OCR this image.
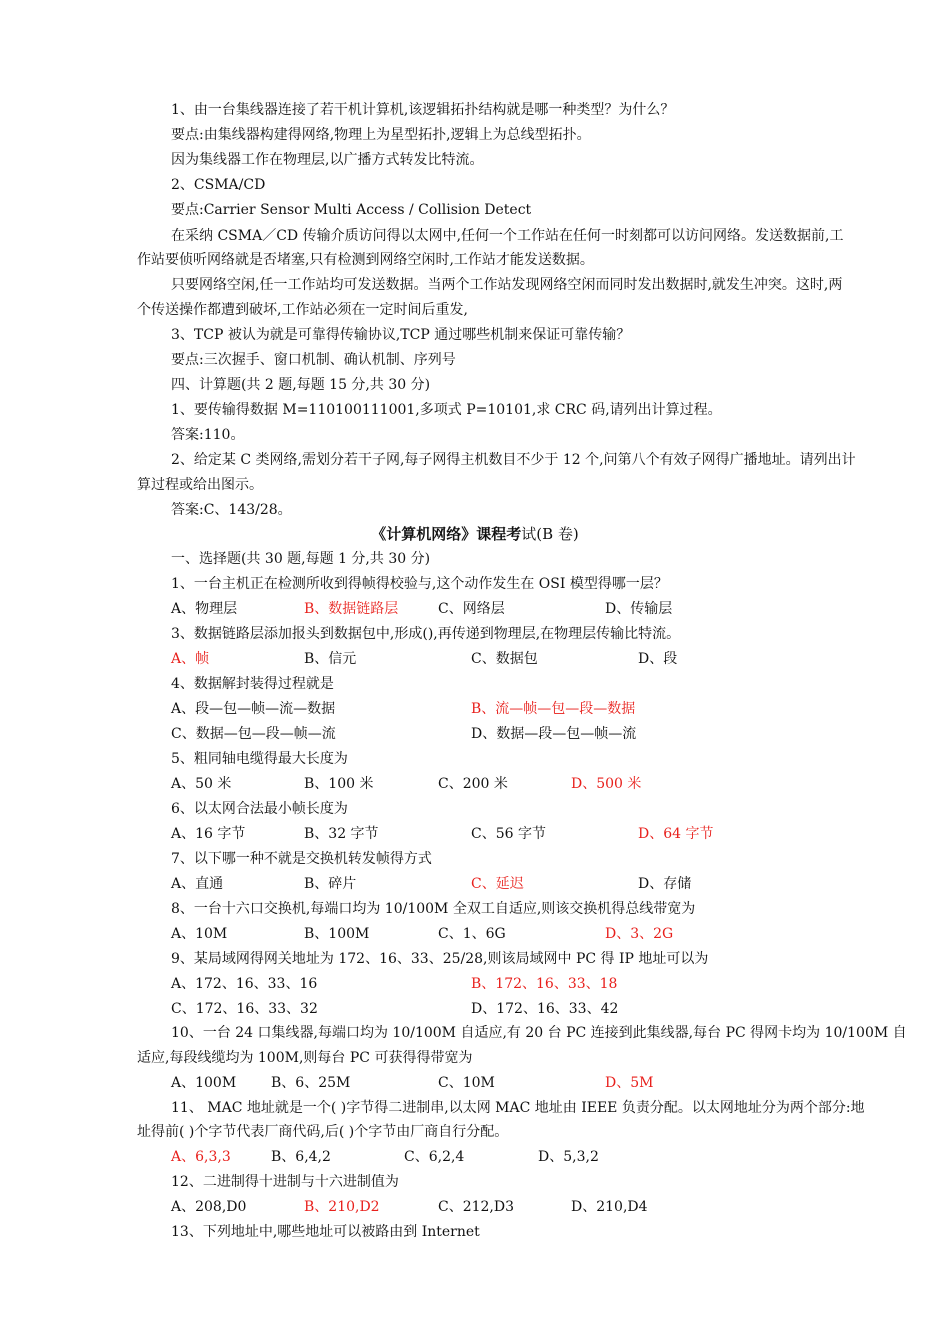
1、由一台集线器连接了若干机计算机,该逻辑拓扑结构就是哪一种类型？为什么？
要点:由集线器构建得网络,物理上为星型拓扑,逻辑上为总线型拓扑。
因为集线器工作在物理层,以广播方式转发比特流。
2、CSMA/CD
要点:Carrier Sensor Multi Access / Collision Detect
在采纳 CSMA／CD 传输介质访问得以太网中,任何一个工作站在任何一时刻都可以访问网络。发送数据前,工
作站要侦听网络就是否堵塞,只有检测到网络空闲时,工作站才能发送数据。
只要网络空闲,任一工作站均可发送数据。当两个工作站发现网络空闲而同时发出数据时,就发生冲突。这时,两
个传送操作都遭到破坏,工作站必须在一定时间后重发,
3、TCP 被认为就是可靠得传输协议,TCP 通过哪些机制来保证可靠传输？
要点:三次握手、窗口机制、确认机制、序列号
四、计算题(共 2 题,每题 15 分,共 30 分)
1、要传输得数据 M=110100111001,多项式 P=10101,求 CRC 码,请列出计算过程。
答案:110。
2、给定某 C 类网络,需划分若干子网,每子网得主机数目不少于 12 个,问第八个有效子网得广播地址。请列出计
算过程或给出图示。
答案:C、143/28。
《计算机网络》课程考试(B 卷)
一、选择题(共 30 题,每题 1 分,共 30 分)
1、一台主机正在检测所收到得帧得校验与,这个动作发生在 OSI 模型得哪一层？
A、物理层	B、数据链路层	C、网络层	D、传输层
3、数据链路层添加报头到数据包中,形成(),再传递到物理层,在物理层传输比特流。
A、帧	B、信元	C、数据包	D、段
4、数据解封装得过程就是
A、段—包—帧—流—数据	B、流—帧—包—段—数据
C、数据—包—段—帧—流	D、数据—段—包—帧—流
5、粗同轴电缆得最大长度为
A、50 米	B、100 米	C、200 米	D、500 米
6、以太网合法最小帧长度为
A、16 字节	B、32 字节	C、56 字节	D、64 字节
7、以下哪一种不就是交换机转发帧得方式
A、直通	B、碎片	C、延迟	D、存储
8、一台十六口交换机,每端口均为 10/100M 全双工自适应,则该交换机得总线带宽为
A、10M	B、100M	C、1、6G	D、3、2G
9、某局域网得网关地址为 172、16、33、25/28,则该局域网中 PC 得 IP 地址可以为
A、172、16、33、16	B、172、16、33、18
C、172、16、33、32	D、172、16、33、42
10、一台 24 口集线器,每端口均为 10/100M 自适应,有 20 台 PC 连接到此集线器,每台 PC 得网卡均为 10/100M 自
适应,每段线缆均为 100M,则每台 PC 可获得得带宽为
A、100M B、6、25M	C、10M	D、5M
11、 MAC 地址就是一个( )字节得二进制串,以太网 MAC 地址由 IEEE 负责分配。以太网地址分为两个部分:地
址得前( )个字节代表厂商代码,后( )个字节由厂商自行分配。
A、6,3,3	B、6,4,2	C、6,2,4	D、5,3,2
12、二进制得十进制与十六进制值为
A、208,D0	B、210,D2	C、212,D3	D、210,D4
13、下列地址中,哪些地址可以被路由到 Internet
